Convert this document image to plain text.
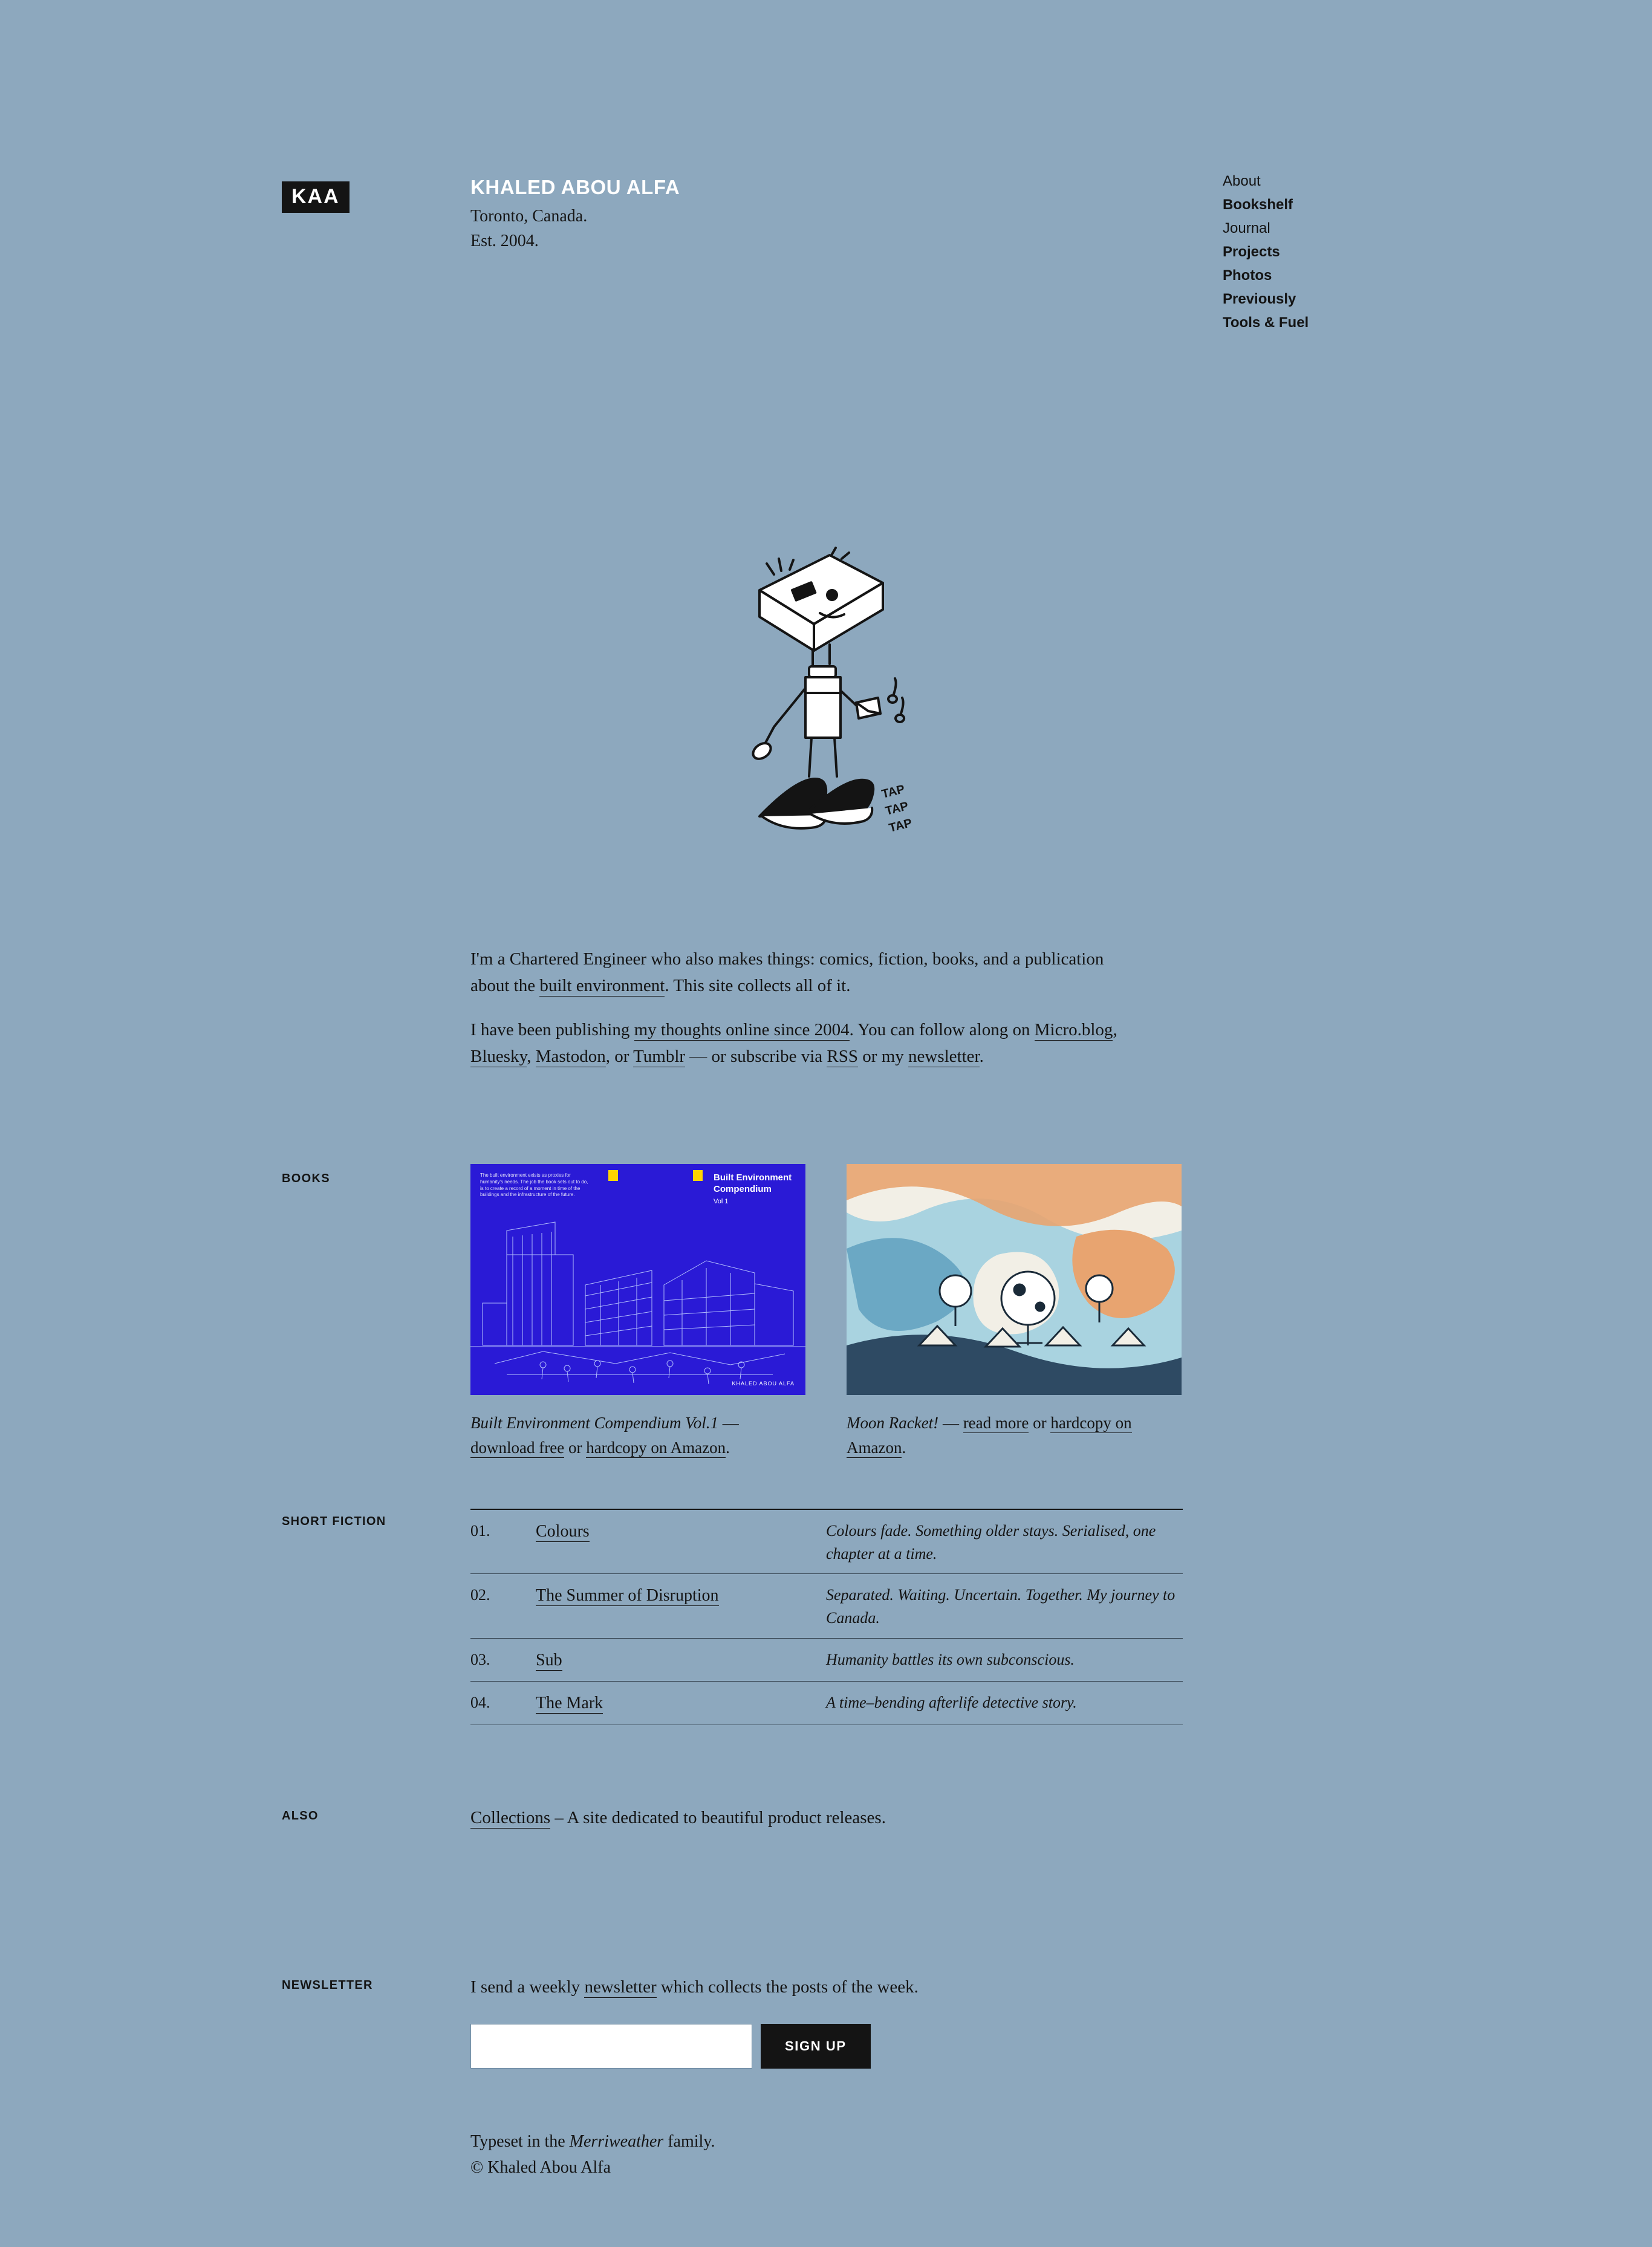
KAA	KHALED ABOU ALFA
Toronto, Canada.
Est. 2004.
About
Bookshelf
Journal
Projects
Photos
Previously
Tools & Fuel
TAP
TAP
TAP

I'm a Chartered Engineer who also makes things: comics, fiction, books, and a publication about the built environment. This site collects all of it.

I have been publishing my thoughts online since 2004. You can follow along on Micro.blog, Bluesky, Mastodon, or Tumblr — or subscribe via RSS or my newsletter.

BOOKS	The built environment exists as proxies for humanity's needs. The job the book sets out to do, is to create a record of a moment in time of the buildings and the infrastructure of the future.
Built Environment Compendium
Vol 1
KHALED ABOU ALFA
Built Environment Compendium Vol.1 — download free or hardcopy on Amazon.
Moon Racket! — read more or hardcopy on Amazon.
SHORT FICTION
01.	Colours	Colours fade. Something older stays. Serialised, one chapter at a time.
02.	The Summer of Disruption	Separated. Waiting. Uncertain. Together. My journey to Canada.
03.	Sub	Humanity battles its own subconscious.
04.	The Mark	A time–bending afterlife detective story.
ALSO	Collections – A site dedicated to beautiful product releases.
NEWSLETTER	I send a weekly newsletter which collects the posts of the week.
SIGN UP
Typeset in the Merriweather family.
© Khaled Abou Alfa
